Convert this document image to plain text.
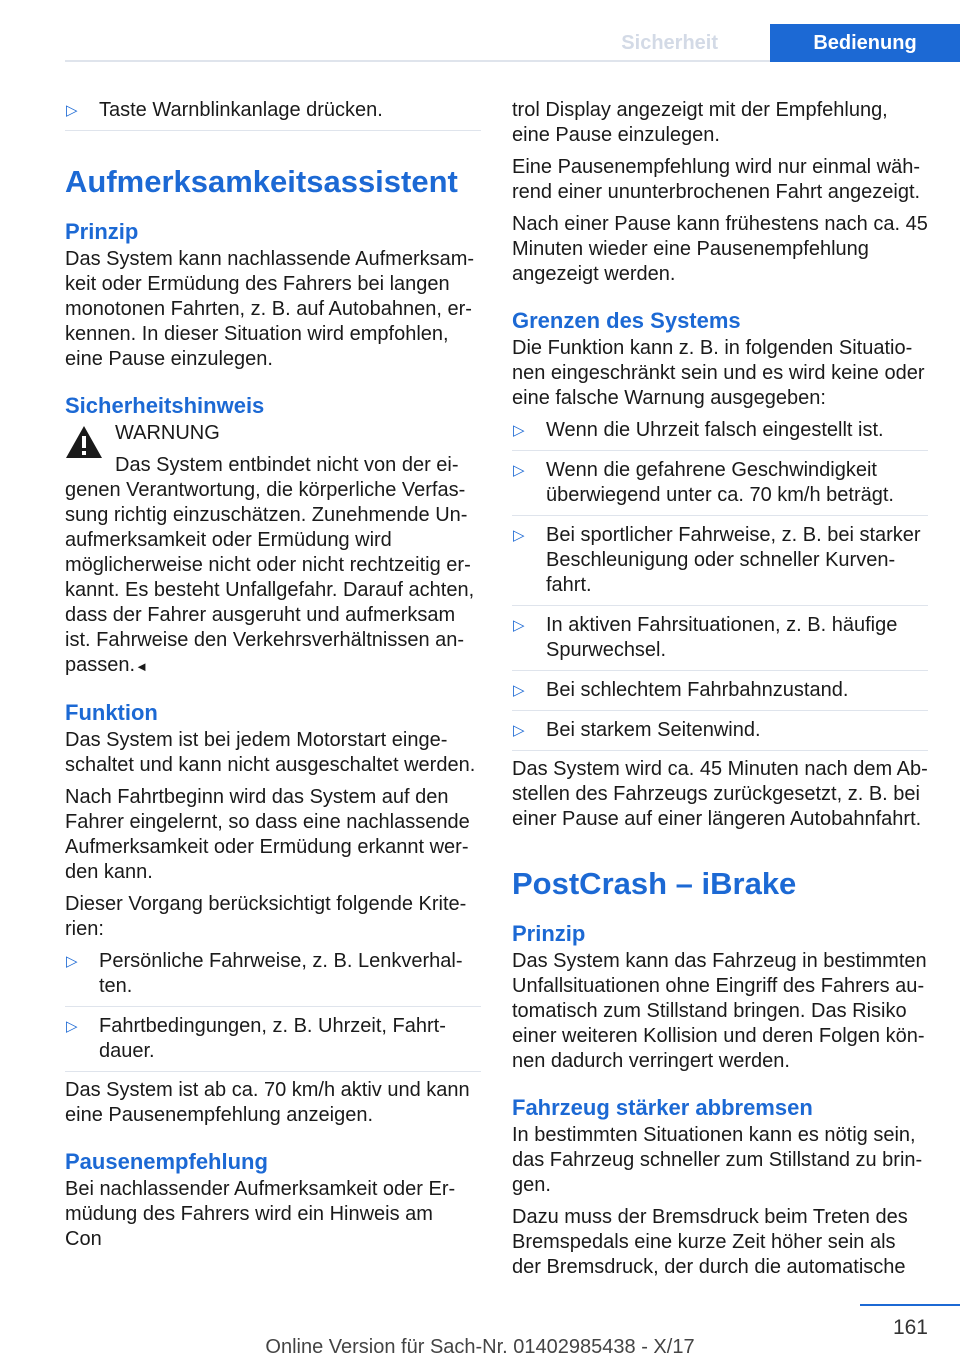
Sicherheit	Bedienung
▷ Taste Warnblinkanlage drücken.
Aufmerksamkeitsassistent
Prinzip

Das System kann nachlassende Aufmerksamkeit oder Ermüdung des Fahrers bei langen monotonen Fahrten, z. B. auf Autobahnen, erkennen. In dieser Situation wird empfohlen, eine Pause einzulegen.

Sicherheitshinweis

WARNUNG

Das System entbindet nicht von der eigenen Verantwortung, die körperliche Verfassung richtig einzuschätzen. Zunehmende Unaufmerksamkeit oder Ermüdung wird möglicherweise nicht oder nicht rechtzeitig erkannt. Es besteht Unfallgefahr. Darauf achten, dass der Fahrer ausgeruht und aufmerksam ist. Fahrweise den Verkehrsverhältnissen anpassen.◄

Funktion

Das System ist bei jedem Motorstart eingeschaltet und kann nicht ausgeschaltet werden.

Nach Fahrtbeginn wird das System auf den Fahrer eingelernt, so dass eine nachlassende Aufmerksamkeit oder Ermüdung erkannt werden kann.

Dieser Vorgang berücksichtigt folgende Kriterien:

▷ Persönliche Fahrweise, z. B. Lenkverhalten.
▷ Fahrtbedingungen, z. B. Uhrzeit, Fahrtdauer.

Das System ist ab ca. 70 km/h aktiv und kann eine Pausenempfehlung anzeigen.

Pausenempfehlung

Bei nachlassender Aufmerksamkeit oder Ermüdung des Fahrers wird ein Hinweis am Con

trol Display angezeigt mit der Empfehlung, eine Pause einzulegen.

Eine Pausenempfehlung wird nur einmal während einer ununterbrochenen Fahrt angezeigt.

Nach einer Pause kann frühestens nach ca. 45 Minuten wieder eine Pausenempfehlung angezeigt werden.

Grenzen des Systems

Die Funktion kann z. B. in folgenden Situationen eingeschränkt sein und es wird keine oder eine falsche Warnung ausgegeben:

▷ Wenn die Uhrzeit falsch eingestellt ist.
▷ Wenn die gefahrene Geschwindigkeit überwiegend unter ca. 70 km/h beträgt.
▷ Bei sportlicher Fahrweise, z. B. bei starker Beschleunigung oder schneller Kurvenfahrt.
▷ In aktiven Fahrsituationen, z. B. häufige Spurwechsel.
▷ Bei schlechtem Fahrbahnzustand.
▷ Bei starkem Seitenwind.

Das System wird ca. 45 Minuten nach dem Abstellen des Fahrzeugs zurückgesetzt, z. B. bei einer Pause auf einer längeren Autobahnfahrt.

PostCrash – iBrake
Prinzip

Das System kann das Fahrzeug in bestimmten Unfallsituationen ohne Eingriff des Fahrers automatisch zum Stillstand bringen. Das Risiko einer weiteren Kollision und deren Folgen können dadurch verringert werden.

Fahrzeug stärker abbremsen

In bestimmten Situationen kann es nötig sein, das Fahrzeug schneller zum Stillstand zu bringen.

Dazu muss der Bremsdruck beim Treten des Bremspedals eine kurze Zeit höher sein als der Bremsdruck, der durch die automatische

161
Online Version für Sach-Nr. 01402985438 - X/17
